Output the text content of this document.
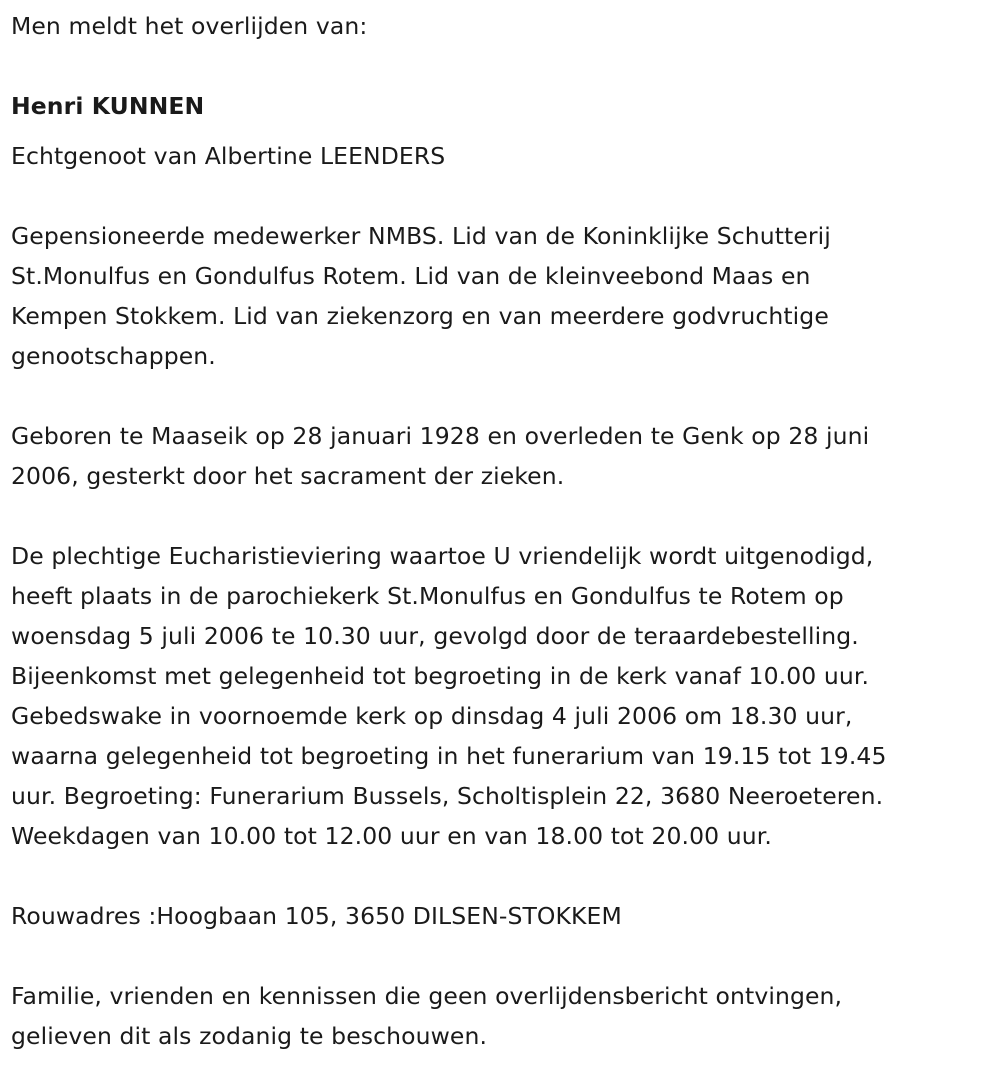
Men meldt het overlijden van:

Henri KUNNEN

Echtgenoot van Albertine LEENDERS

Gepensioneerde medewerker NMBS. Lid van de Koninklijke Schutterij

St.Monulfus en Gondulfus Rotem. Lid van de kleinveebond Maas en

Kempen Stokkem. Lid van ziekenzorg en van meerdere godvruchtige

genootschappen.

Geboren te Maaseik op 28 januari 1928 en overleden te Genk op 28 juni

2006, gesterkt door het sacrament der zieken.

De plechtige Eucharistieviering waartoe U vriendelijk wordt uitgenodigd,

heeft plaats in de parochiekerk St.Monulfus en Gondulfus te Rotem op

woensdag 5 juli 2006 te 10.30 uur, gevolgd door de teraardebestelling.

Bijeenkomst met gelegenheid tot begroeting in de kerk vanaf 10.00 uur.

Gebedswake in voornoemde kerk op dinsdag 4 juli 2006 om 18.30 uur,

waarna gelegenheid tot begroeting in het funerarium van 19.15 tot 19.45

uur. Begroeting: Funerarium Bussels, Scholtisplein 22, 3680 Neeroeteren.

Weekdagen van 10.00 tot 12.00 uur en van 18.00 tot 20.00 uur.

Rouwadres :Hoogbaan 105, 3650 DILSEN-STOKKEM

Familie, vrienden en kennissen die geen overlijdensbericht ontvingen,

gelieven dit als zodanig te beschouwen.
